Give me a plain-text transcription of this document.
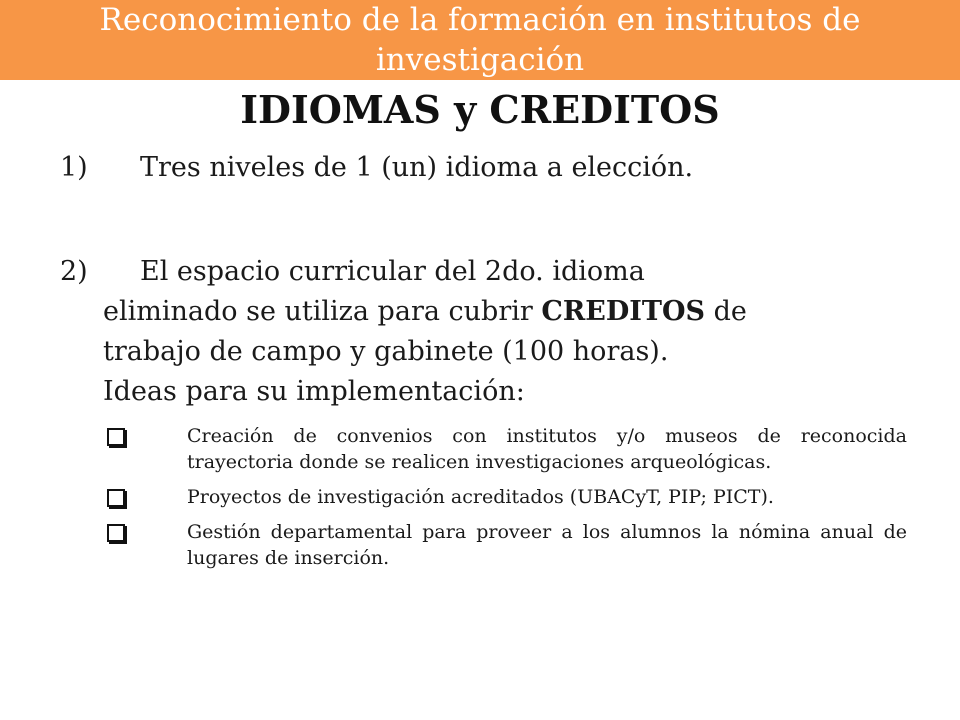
Reconocimiento de la formación en institutos de
investigación
IDIOMAS y CREDITOS

1) Tres niveles de 1 (un) idioma a elección.

2) El espacio curricular del 2do. idioma
eliminado se utiliza para cubrir CREDITOS de
trabajo de campo y gabinete (100 horas).

Ideas para su implementación:

Creación de convenios con institutos y/o museos de reconocida trayectoria donde se realicen investigaciones arqueológicas.
Proyectos de investigación acreditados (UBACyT, PIP; PICT).
Gestión departamental para proveer a los alumnos la nómina anual de lugares de inserción.
